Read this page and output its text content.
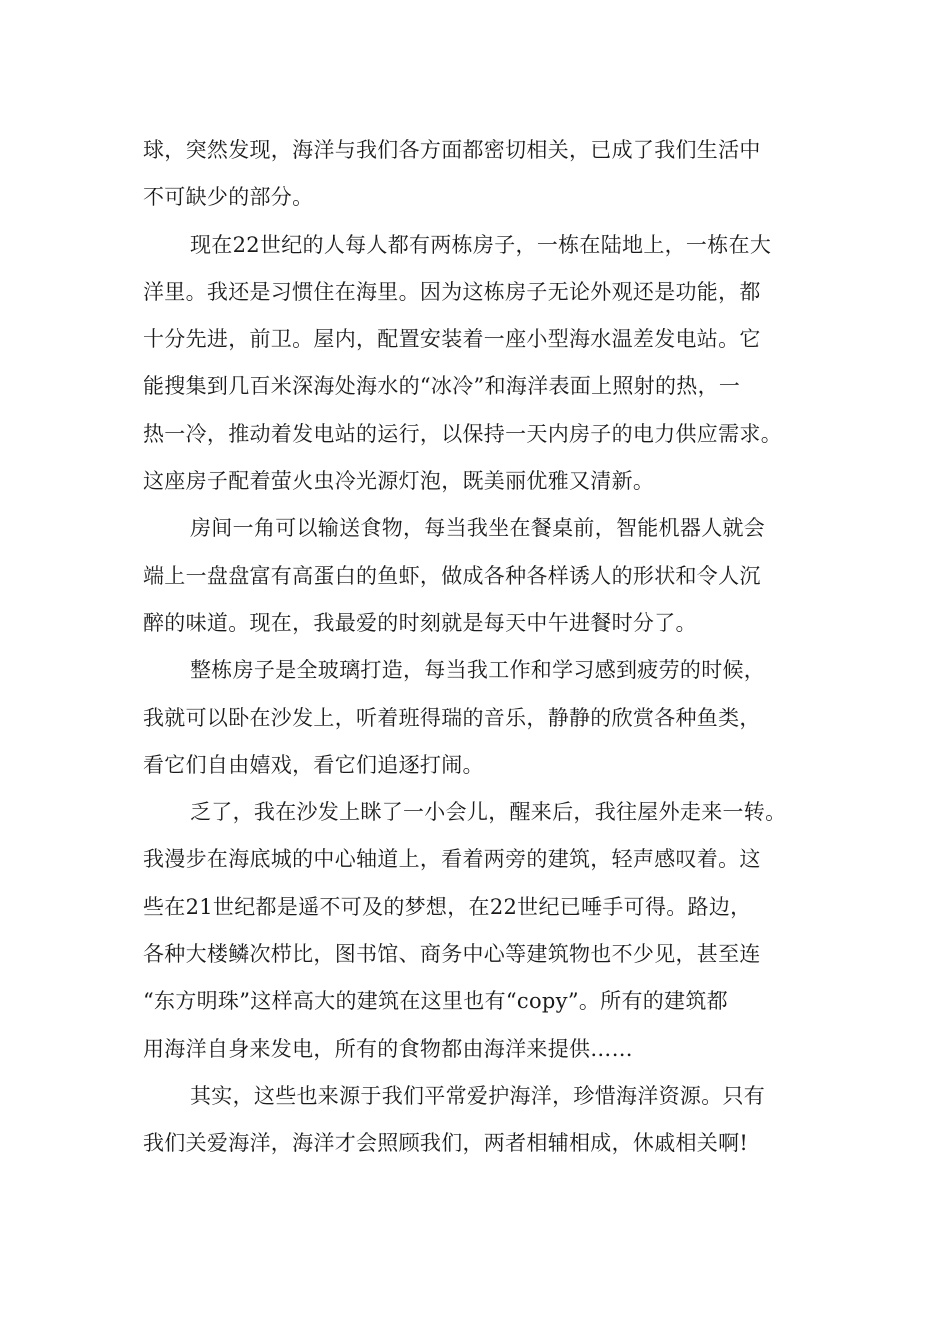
球，突然发现，海洋与我们各方面都密切相关，已成了我们生活中
不可缺少的部分。
现在22世纪的人每人都有两栋房子，一栋在陆地上，一栋在大
洋里。我还是习惯住在海里。因为这栋房子无论外观还是功能，都
十分先进，前卫。屋内，配置安装着一座小型海水温差发电站。它
能搜集到几百米深海处海水的“冰冷”和海洋表面上照射的热，一
热一冷，推动着发电站的运行，以保持一天内房子的电力供应需求。
这座房子配着萤火虫冷光源灯泡，既美丽优雅又清新。
房间一角可以输送食物，每当我坐在餐桌前，智能机器人就会
端上一盘盘富有高蛋白的鱼虾，做成各种各样诱人的形状和令人沉
醉的味道。现在，我最爱的时刻就是每天中午进餐时分了。
整栋房子是全玻璃打造，每当我工作和学习感到疲劳的时候，
我就可以卧在沙发上，听着班得瑞的音乐，静静的欣赏各种鱼类，
看它们自由嬉戏，看它们追逐打闹。
乏了，我在沙发上眯了一小会儿，醒来后，我往屋外走来一转。
我漫步在海底城的中心轴道上，看着两旁的建筑，轻声感叹着。这
些在21世纪都是遥不可及的梦想，在22世纪已唾手可得。路边，
各种大楼鳞次栉比，图书馆、商务中心等建筑物也不少见，甚至连
“东方明珠”这样高大的建筑在这里也有“copy”。所有的建筑都
用海洋自身来发电，所有的食物都由海洋来提供……
其实，这些也来源于我们平常爱护海洋，珍惜海洋资源。只有
我们关爱海洋，海洋才会照顾我们，两者相辅相成，休戚相关啊!
